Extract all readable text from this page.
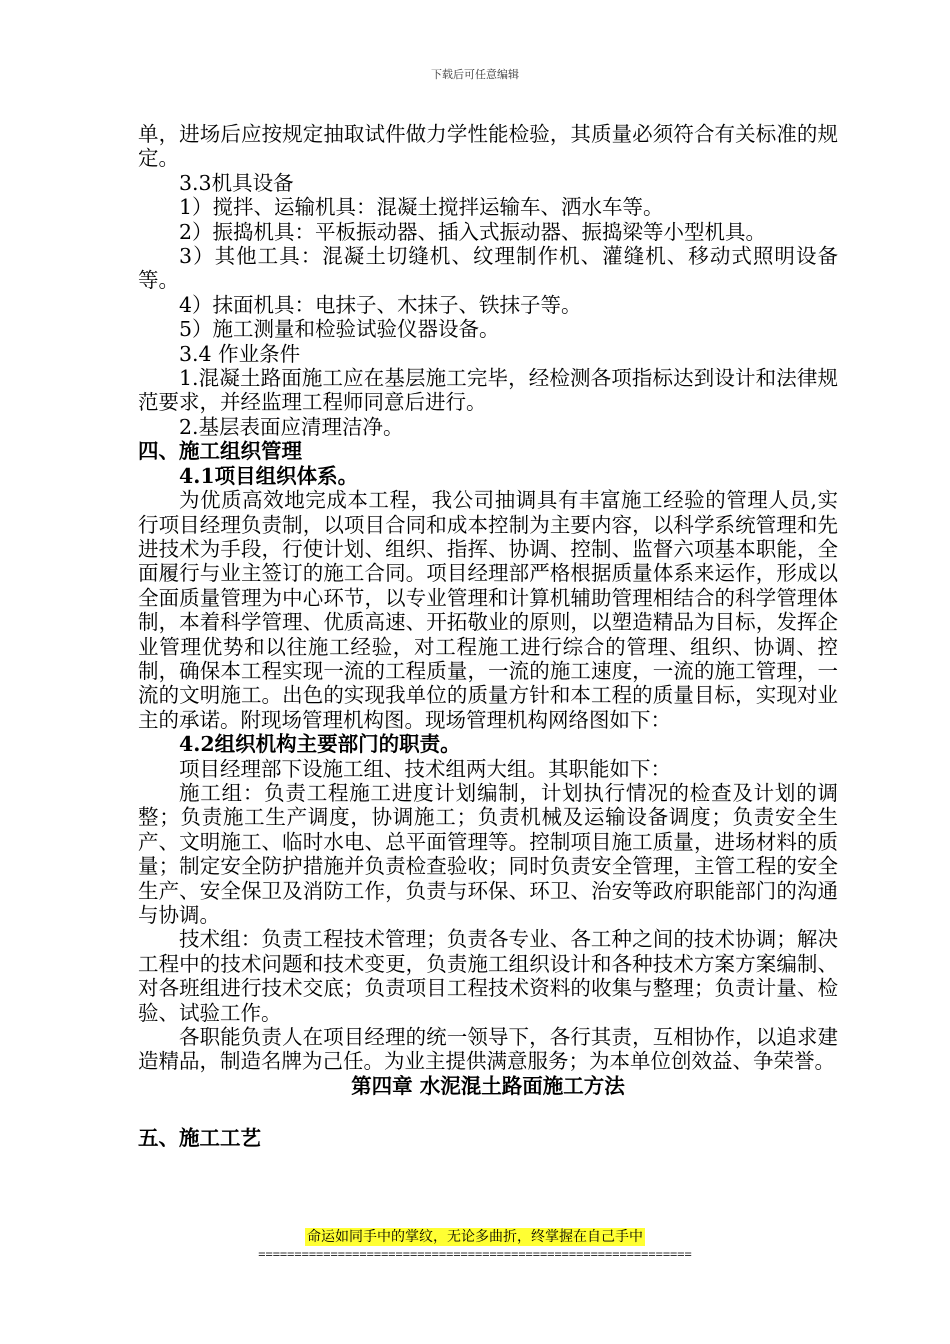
下载后可任意编辑

单，进场后应按规定抽取试件做力学性能检验，其质量必须符合有关标准的规定。

3.3机具设备

1）搅拌、运输机具：混凝土搅拌运输车、洒水车等。

2）振捣机具：平板振动器、插入式振动器、振捣梁等小型机具。

3）其他工具：混凝土切缝机、纹理制作机、灌缝机、移动式照明设备等。

4）抹面机具：电抹子、木抹子、铁抹子等。

5）施工测量和检验试验仪器设备。

3.4 作业条件

1.混凝土路面施工应在基层施工完毕，经检测各项指标达到设计和法律规范要求，并经监理工程师同意后进行。

2.基层表面应清理洁净。

四、施工组织管理

4.1项目组织体系。

为优质高效地完成本工程，我公司抽调具有丰富施工经验的管理人员,实行项目经理负责制，以项目合同和成本控制为主要内容，以科学系统管理和先进技术为手段，行使计划、组织、指挥、协调、控制、监督六项基本职能，全面履行与业主签订的施工合同。项目经理部严格根据质量体系来运作，形成以全面质量管理为中心环节，以专业管理和计算机辅助管理相结合的科学管理体制，本着科学管理、优质高速、开拓敬业的原则，以塑造精品为目标，发挥企业管理优势和以往施工经验，对工程施工进行综合的管理、组织、协调、控制，确保本工程实现一流的工程质量，一流的施工速度，一流的施工管理，一流的文明施工。出色的实现我单位的质量方针和本工程的质量目标，实现对业主的承诺。附现场管理机构图。现场管理机构网络图如下：

4.2组织机构主要部门的职责。

项目经理部下设施工组、技术组两大组。其职能如下：

施工组：负责工程施工进度计划编制，计划执行情况的检查及计划的调整；负责施工生产调度，协调施工；负责机械及运输设备调度；负责安全生产、文明施工、临时水电、总平面管理等。控制项目施工质量，进场材料的质量；制定安全防护措施并负责检查验收；同时负责安全管理，主管工程的安全生产、安全保卫及消防工作，负责与环保、环卫、治安等政府职能部门的沟通与协调。

技术组：负责工程技术管理；负责各专业、各工种之间的技术协调；解决工程中的技术问题和技术变更，负责施工组织设计和各种技术方案方案编制、对各班组进行技术交底；负责项目工程技术资料的收集与整理；负责计量、检验、试验工作。

各职能负责人在项目经理的统一领导下，各行其责，互相协作，以追求建造精品，制造名牌为己任。为业主提供满意服务；为本单位创效益、争荣誉。

第四章 水泥混土路面施工方法

五、施工工艺

命运如同手中的掌纹，无论多曲折，终掌握在自己手中
============================================================
